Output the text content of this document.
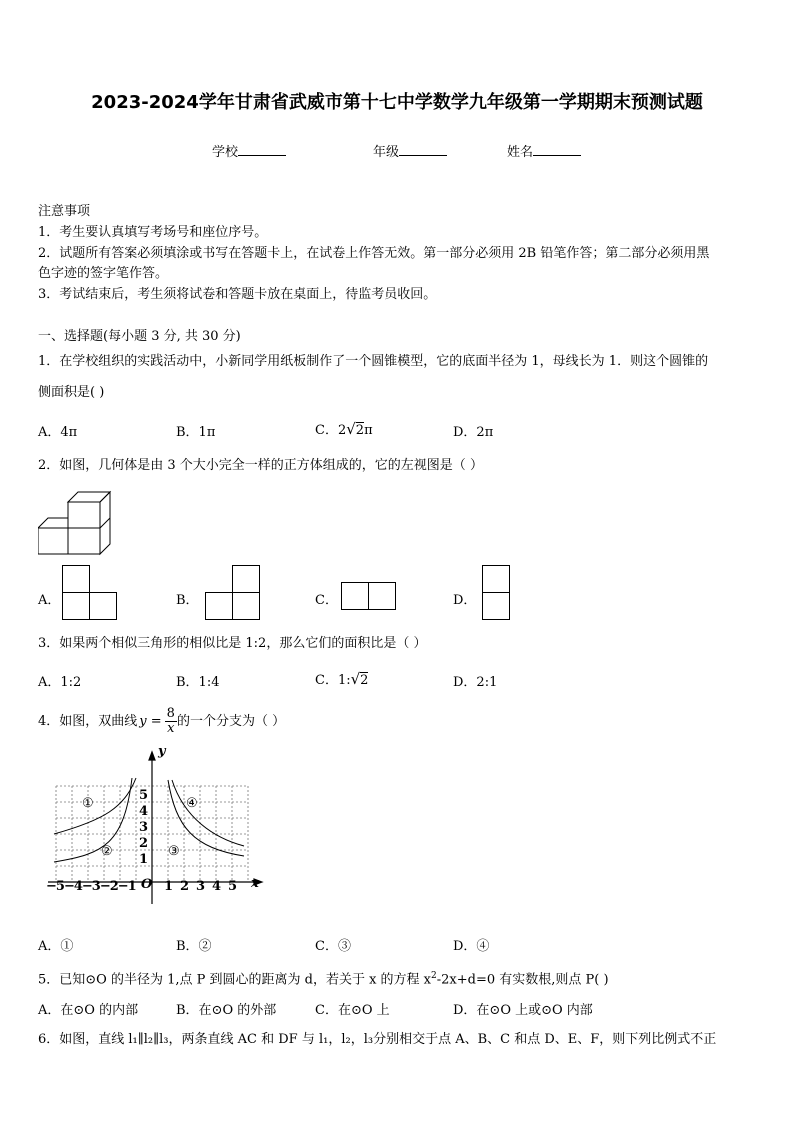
2023-2024学年甘肃省武威市第十七中学数学九年级第一学期期末预测试题
学校	年级	姓名
注意事项
1．考生要认真填写考场号和座位序号。
2．试题所有答案必须填涂或书写在答题卡上，在试卷上作答无效。第一部分必须用 2B 铅笔作答；第二部分必须用黑
色字迹的签字笔作答。
3．考试结束后，考生须将试卷和答题卡放在桌面上，待监考员收回。
一、选择题(每小题 3 分, 共 30 分)
1．在学校组织的实践活动中，小新同学用纸板制作了一个圆锥模型，它的底面半径为 1，母线长为 1．则这个圆锥的
侧面积是( )
A．4π	B．1π	C．2√2π	D．2π
2．如图，几何体是由 3 个大小完全一样的正方体组成的，它的左视图是（ ）
A．	B．	C．	D．
3．如果两个相似三角形的相似比是 1:2，那么它们的面积比是（ ）
A．1:2	B．1:4	C．1:√2	D．2:1
4．如图，双曲线 $y = \frac{8}{x}$ 的一个分支为（ ）
y
x
O
5
4
3
2
1
−5−4−3−2−1 1 2 3 4 5
①
②	③
④
A．①	B．②	C．③	D．④
5．已知⊙O 的半径为 1,点 P 到圆心的距离为 d，若关于 x 的方程 $x^2-2x+d=0$ 有实数根,则点 P( )
A．在⊙O 的内部	B．在⊙O 的外部	C．在⊙O 上	D．在⊙O 上或⊙O 内部
6．如图，直线 l₁∥l₂∥l₃，两条直线 AC 和 DF 与 l₁，l₂，l₃分别相交于点 A、B、C 和点 D、E、F，则下列比例式不正
